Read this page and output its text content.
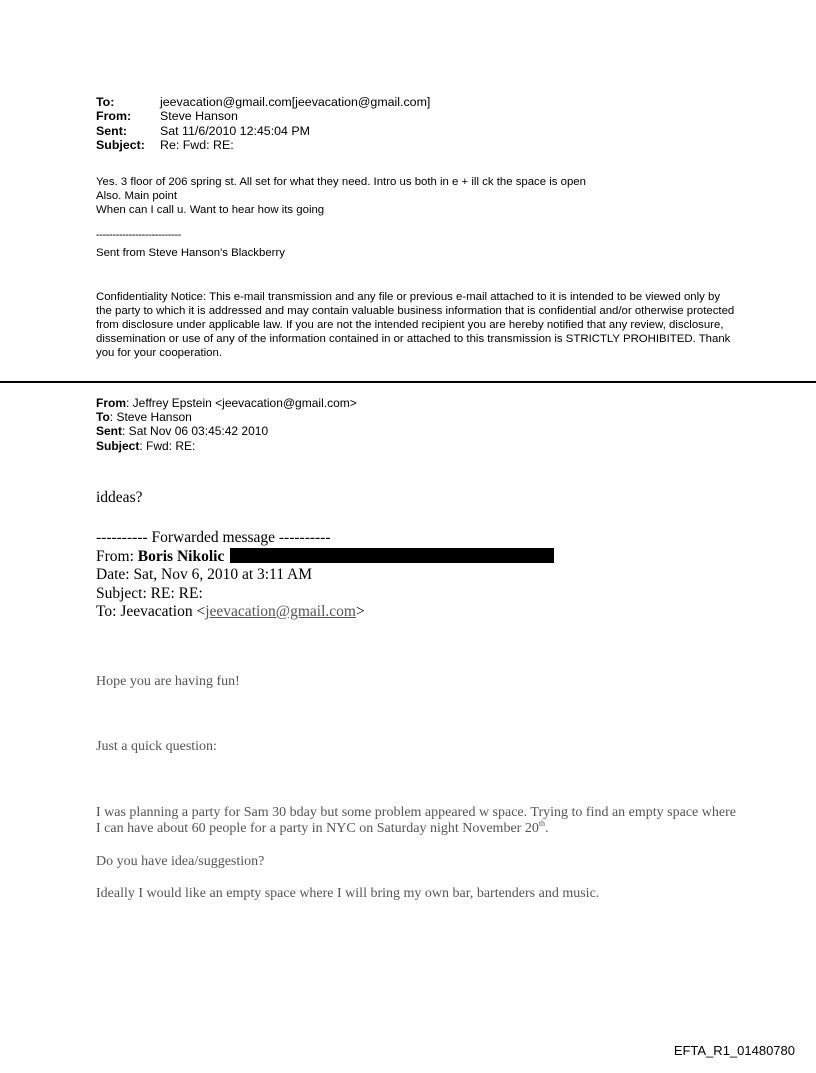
To:	jeevacation@gmail.com[jeevacation@gmail.com]
From:	Steve Hanson
Sent:	Sat 11/6/2010 12:45:04 PM
Subject:	Re: Fwd: RE:
Yes. 3 floor of 206 spring st. All set for what they need. Intro us both in e + ill ck the space is open
Also. Main point
When can I call u. Want to hear how its going
--------------------------
Sent from Steve Hanson's Blackberry
Confidentiality Notice: This e-mail transmission and any file or previous e-mail attached to it is intended to be viewed only by the party to which it is addressed and may contain valuable business information that is confidential and/or otherwise protected from disclosure under applicable law. If you are not the intended recipient you are hereby notified that any review, disclosure, dissemination or use of any of the information contained in or attached to this transmission is STRICTLY PROHIBITED. Thank you for your cooperation.
From: Jeffrey Epstein <jeevacation@gmail.com>
To: Steve Hanson
Sent: Sat Nov 06 03:45:42 2010
Subject: Fwd: RE:
iddeas?
---------- Forwarded message ----------
From: Boris Nikolic
Date: Sat, Nov 6, 2010 at 3:11 AM
Subject: RE: RE:
To: Jeevacation <jeevacation@gmail.com>
Hope you are having fun!
Just a quick question:
I was planning a party for Sam 30 bday but some problem appeared w space. Trying to find an empty space where I can have about 60 people for a party in NYC on Saturday night November 20th.
Do you have idea/suggestion?
Ideally I would like an empty space where I will bring my own bar, bartenders and music.
EFTA_R1_01480780
